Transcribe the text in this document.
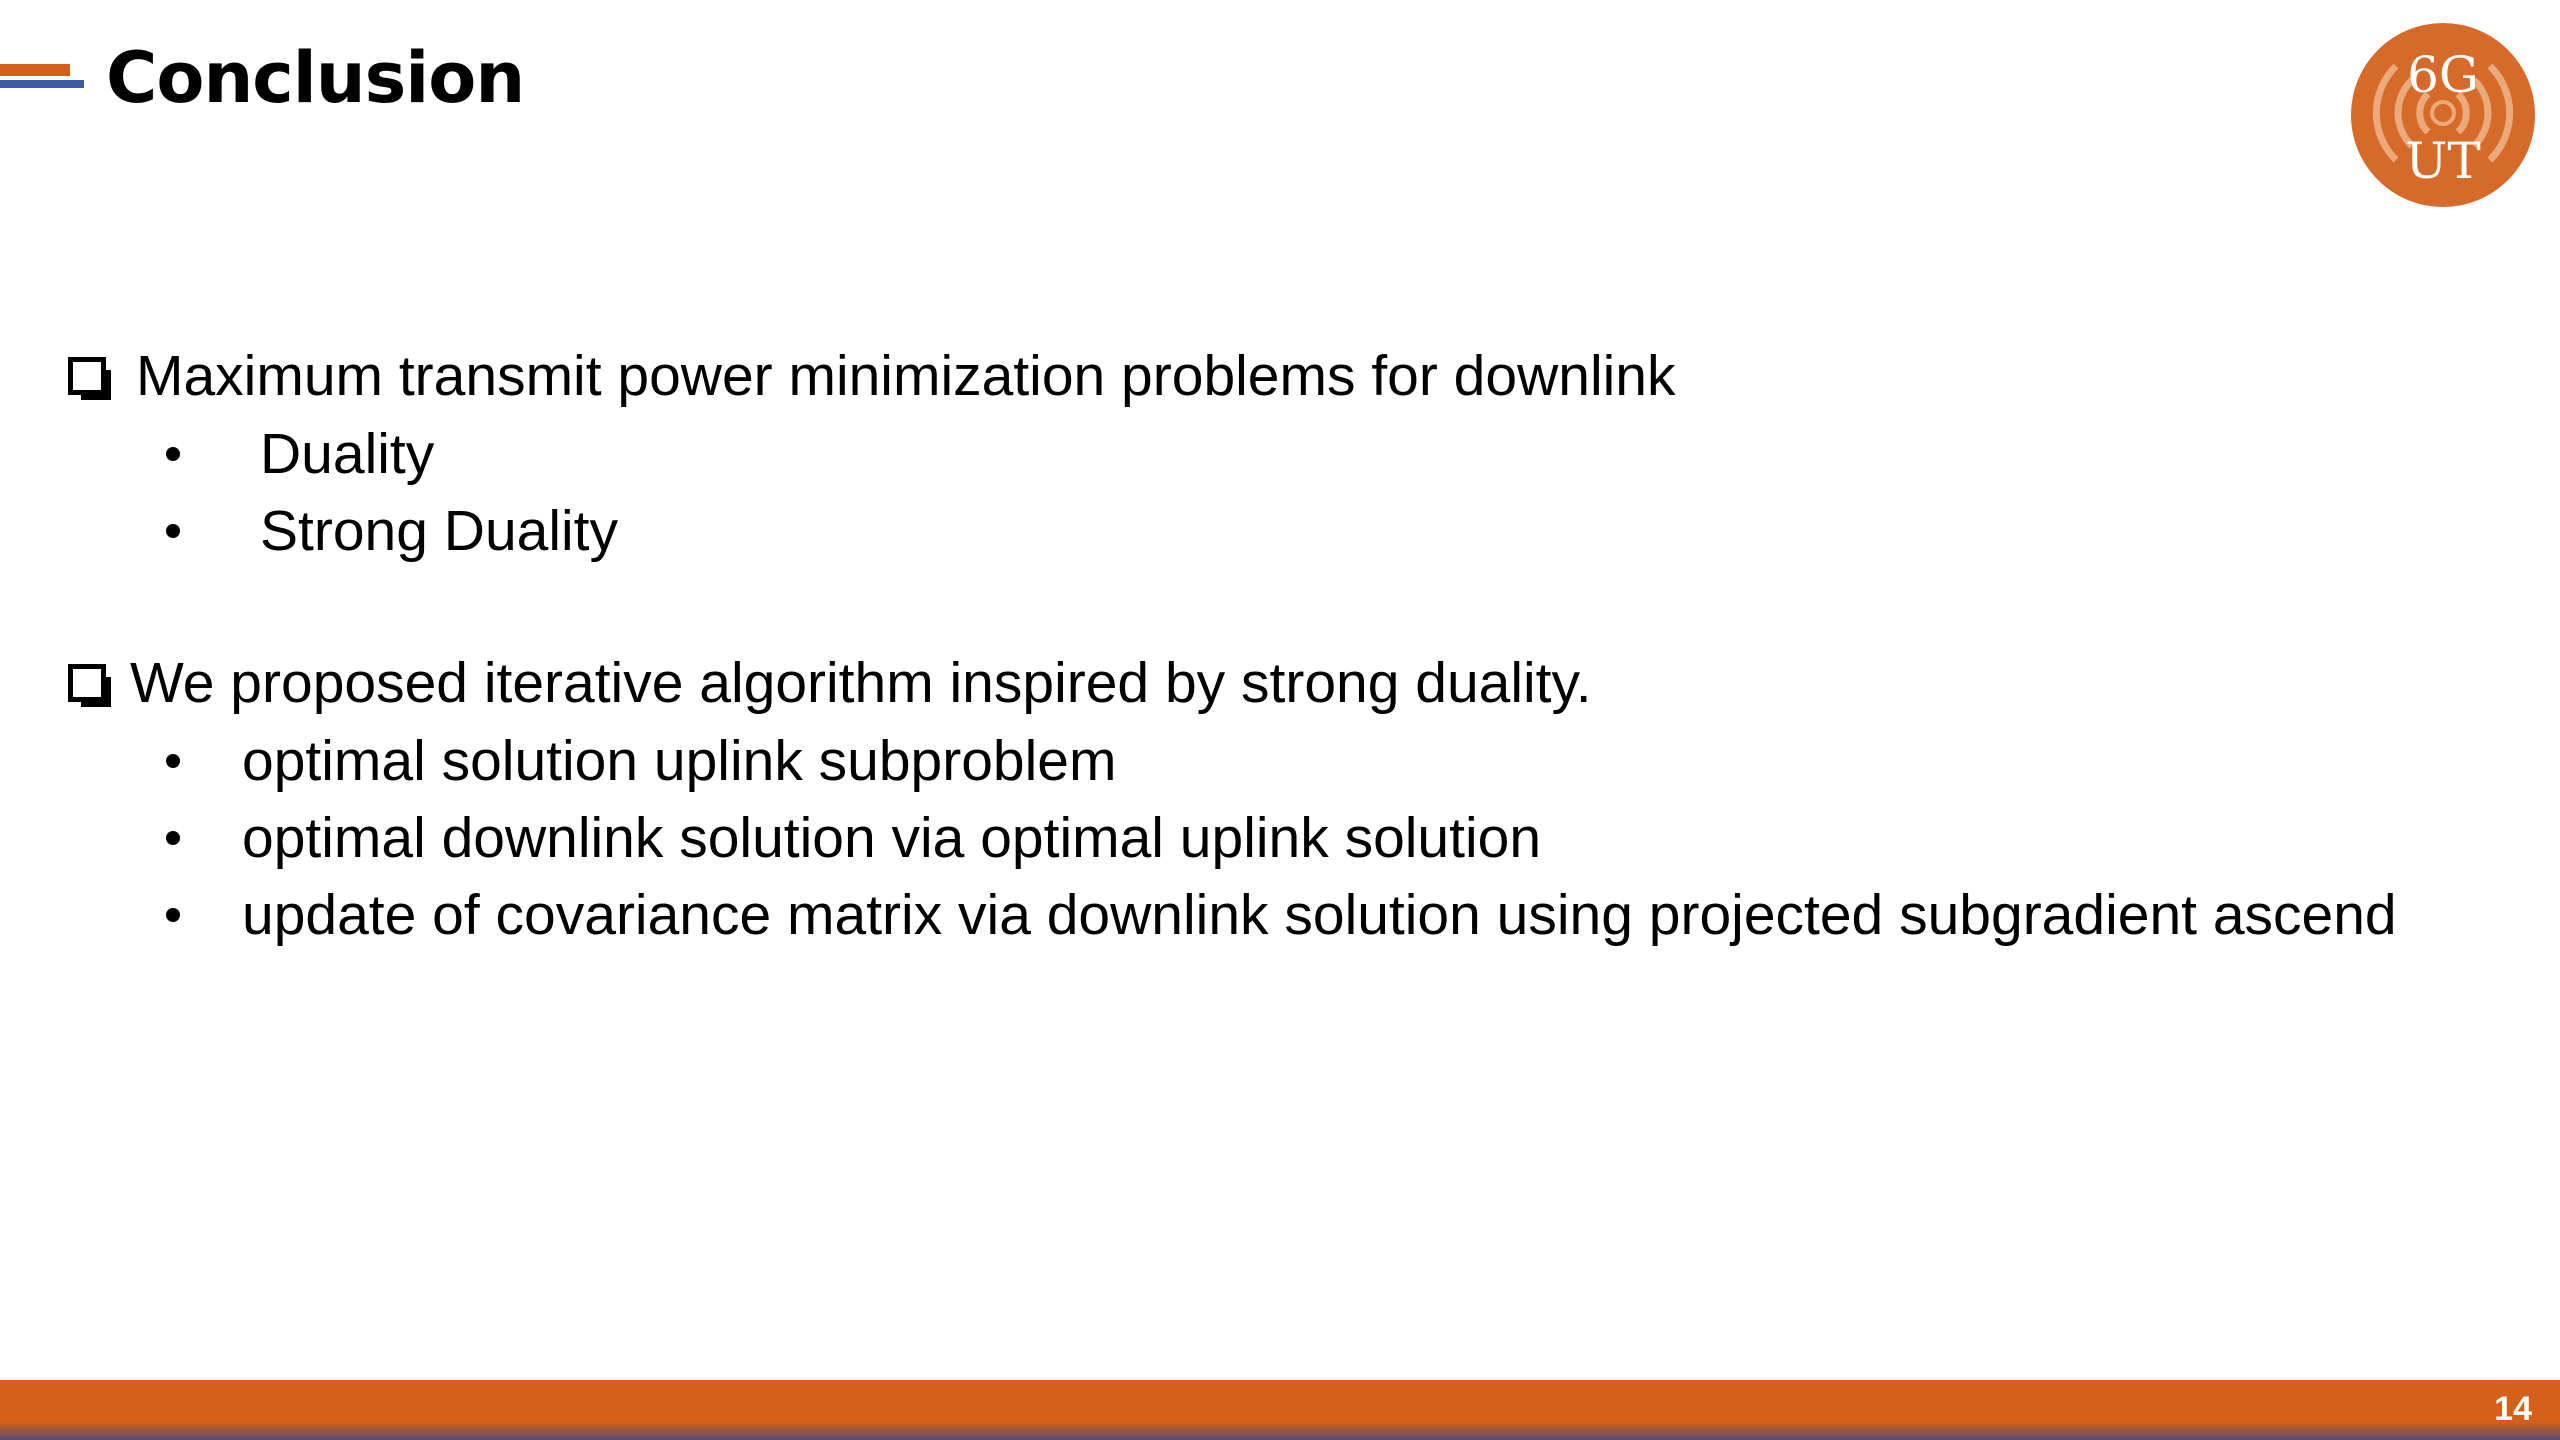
Conclusion	6G
UT
Maximum transmit power minimization problems for downlink
Duality
Strong Duality
We proposed iterative algorithm inspired by strong duality.
optimal solution uplink subproblem
optimal downlink solution via optimal uplink solution
update of covariance matrix via downlink solution using projected subgradient ascend
14
